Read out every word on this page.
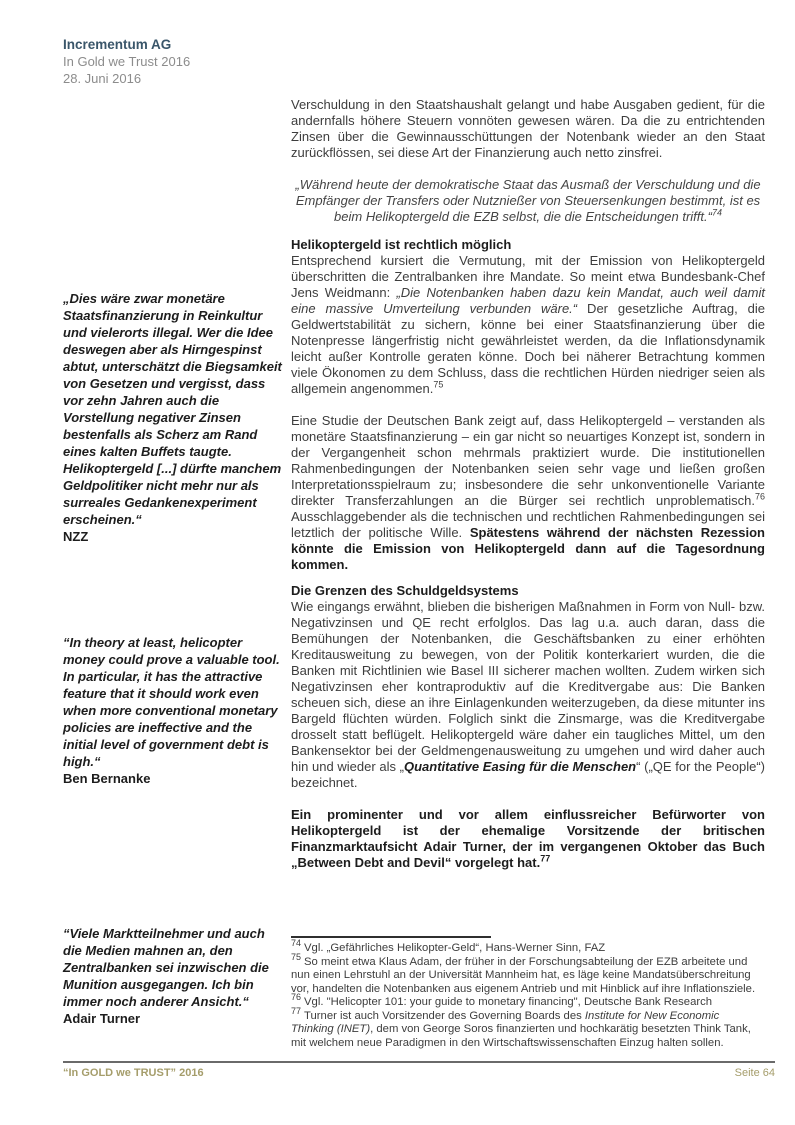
Incrementum AG
In Gold we Trust 2016
28. Juni 2016
„Dies wäre zwar monetäre Staatsfinanzierung in Reinkultur und vielerorts illegal. Wer die Idee deswegen aber als Hirngespinst abtut, unterschätzt die Biegsamkeit von Gesetzen und vergisst, dass vor zehn Jahren auch die Vorstellung negativer Zinsen bestenfalls als Scherz am Rand eines kalten Buffets taugte. Helikoptergeld [...] dürfte manchem Geldpolitiker nicht mehr nur als surreales Gedankenexperiment erscheinen.“
NZZ
“In theory at least, helicopter money could prove a valuable tool. In particular, it has the attractive feature that it should work even when more conventional monetary policies are ineffective and the initial level of government debt is high.“
Ben Bernanke
“Viele Marktteilnehmer und auch die Medien mahnen an, den Zentralbanken sei inzwischen die Munition ausgegangen. Ich bin immer noch anderer Ansicht.“
Adair Turner

Verschuldung in den Staatshaushalt gelangt und habe Ausgaben gedient, für die andernfalls höhere Steuern vonnöten gewesen wären. Da die zu entrichtenden Zinsen über die Gewinnausschüttungen der Notenbank wieder an den Staat zurückflössen, sei diese Art der Finanzierung auch netto zinsfrei.

„Während heute der demokratische Staat das Ausmaß der Verschuldung und die Empfänger der Transfers oder Nutznießer von Steuersenkungen bestimmt, ist es beim Helikoptergeld die EZB selbst, die die Entscheidungen trifft.“$^{74}$

Helikoptergeld ist rechtlich möglich

Entsprechend kursiert die Vermutung, mit der Emission von Helikoptergeld überschritten die Zentralbanken ihre Mandate. So meint etwa Bundesbank-Chef Jens Weidmann: „Die Notenbanken haben dazu kein Mandat, auch weil damit eine massive Umverteilung verbunden wäre.“ Der gesetzliche Auftrag, die Geldwertstabilität zu sichern, könne bei einer Staatsfinanzierung über die Notenpresse längerfristig nicht gewährleistet werden, da die Inflationsdynamik leicht außer Kontrolle geraten könne. Doch bei näherer Betrachtung kommen viele Ökonomen zu dem Schluss, dass die rechtlichen Hürden niedriger seien als allgemein angenommen.$^{75}$

Eine Studie der Deutschen Bank zeigt auf, dass Helikoptergeld – verstanden als monetäre Staatsfinanzierung – ein gar nicht so neuartiges Konzept ist, sondern in der Vergangenheit schon mehrmals praktiziert wurde. Die institutionellen Rahmenbedingungen der Notenbanken seien sehr vage und ließen großen Interpretationsspielraum zu; insbesondere die sehr unkonventionelle Variante direkter Transferzahlungen an die Bürger sei rechtlich unproblematisch.$^{76}$ Ausschlaggebender als die technischen und rechtlichen Rahmenbedingungen sei letztlich der politische Wille. Spätestens während der nächsten Rezession könnte die Emission von Helikoptergeld dann auf die Tagesordnung kommen.

Die Grenzen des Schuldgeldsystems

Wie eingangs erwähnt, blieben die bisherigen Maßnahmen in Form von Null- bzw. Negativzinsen und QE recht erfolglos. Das lag u.a. auch daran, dass die Bemühungen der Notenbanken, die Geschäftsbanken zu einer erhöhten Kreditausweitung zu bewegen, von der Politik konterkariert wurden, die die Banken mit Richtlinien wie Basel III sicherer machen wollten. Zudem wirken sich Negativzinsen eher kontraproduktiv auf die Kreditvergabe aus: Die Banken scheuen sich, diese an ihre Einlagenkunden weiterzugeben, da diese mitunter ins Bargeld flüchten würden. Folglich sinkt die Zinsmarge, was die Kreditvergabe drosselt statt beflügelt. Helikoptergeld wäre daher ein taugliches Mittel, um den Bankensektor bei der Geldmengenausweitung zu umgehen und wird daher auch hin und wieder als „Quantitative Easing für die Menschen“ („QE for the People“) bezeichnet.

Ein prominenter und vor allem einflussreicher Befürworter von Helikoptergeld ist der ehemalige Vorsitzende der britischen Finanzmarktaufsicht Adair Turner, der im vergangenen Oktober das Buch „Between Debt and Devil“ vorgelegt hat.$^{77}$

$^{74}$ Vgl. „Gefährliches Helikopter-Geld“, Hans-Werner Sinn, FAZ
$^{75}$ So meint etwa Klaus Adam, der früher in der Forschungsabteilung der EZB arbeitete und nun einen Lehrstuhl an der Universität Mannheim hat, es läge keine Mandatsüberschreitung vor, handelten die Notenbanken aus eigenem Antrieb und mit Hinblick auf ihre Inflationsziele.
$^{76}$ Vgl. "Helicopter 101: your guide to monetary financing", Deutsche Bank Research
$^{77}$ Turner ist auch Vorsitzender des Governing Boards des Institute for New Economic Thinking (INET), dem von George Soros finanzierten und hochkarätig besetzten Think Tank, mit welchem neue Paradigmen in den Wirtschaftswissenschaften Einzug halten sollen.
“In GOLD we TRUST” 2016	Seite 64
